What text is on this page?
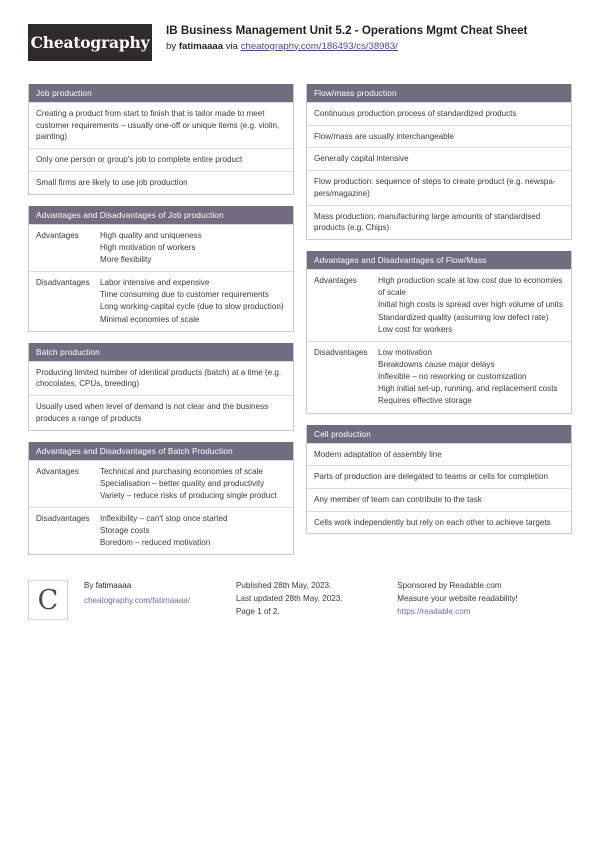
Cheatography
IB Business Management Unit 5.2 - Operations Mgmt Cheat Sheet
by fatimaaaa via cheatography.com/186493/cs/38983/
Job production
Creating a product from start to finish that is tailor made to meet customer requirements – usually one-off or unique items (e.g. violin, painting)
Only one person or group's job to complete entire product
Small firms are likely to use job production
Advantages and Disadvantages of Job production
Advantages	High quality and uniqueness
High motivation of workers
More flexibility
Disadvantages	Labor intensive and expensive
Time consuming due to customer requirements
Long working-capital cycle (due to slow production)
Minimal economies of scale
Batch production
Producing limited number of identical products (batch) at a time (e.g. chocolates, CPUs, breeding)
Usually used when level of demand is not clear and the business produces a range of products
Advantages and Disadvantages of Batch Production
Advantages	Technical and purchasing economies of scale
Specialisation – better quality and productivity
Variety – reduce risks of producing single product
Disadvantages	Inflexibility – can't stop once started
Storage costs
Boredom – reduced motivation
Flow/mass production
Continuous production process of standardized products
Flow/mass are usually interchangeable
Generally capital intensive
Flow production: sequence of steps to create product (e.g. newspapers/magazine)
Mass production: manufacturing large amounts of standardised products (e.g. Chips)
Advantages and Disadvantages of Flow/Mass
Advantages	High production scale at low cost due to economies of scale
Initial high costs is spread over high volume of units
Standardized quality (assuming low defect rate)
Low cost for workers
Disadvantages	Low motivation
Breakdowns cause major delays
Inflexible – no reworking or customization
High initial set-up, running, and replacement costs
Requires effective storage
Cell production
Modern adaptation of assembly line
Parts of production are delegated to teams or cells for completion
Any member of team can contribute to the task
Cells work independently but rely on each other to achieve targets
C	By fatimaaaa
cheatography.com/fatimaaaa/
Published 28th May, 2023.
Last updated 28th May, 2023.
Page 1 of 2.
Sponsored by Readable.com
Measure your website readability!
https://readable.com
